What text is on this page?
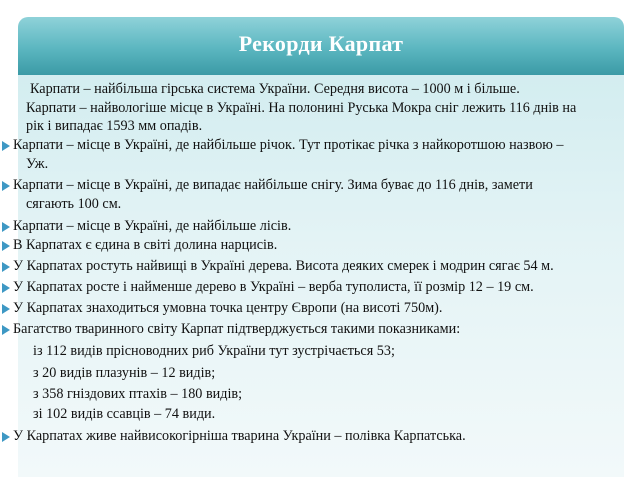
Рекорди Карпат
Карпати – найбільша гірська система України. Середня висота – 1000 м і більше.
Карпати – найвологіше місце в Україні. На полонині Руська Мокра сніг лежить 116 днів на
рік і випадає 1593 мм опадів.
Карпати – місце в Україні, де найбільше річок. Тут протікає річка з найкоротшою назвою –
Уж.
Карпати – місце в Україні, де випадає найбільше снігу. Зима буває до 116 днів, замети
сягають 100 см.
Карпати – місце в Україні, де найбільше лісів.
В Карпатах є єдина в світі долина нарцисів.
У Карпатах ростуть найвищі в Україні дерева. Висота деяких смерек і модрин сягає 54 м.
У Карпатах росте і найменше дерево в Україні – верба туполиста, її розмір 12 – 19 см.
У Карпатах знаходиться умовна точка центру Європи (на висоті 750м).
Багатство тваринного світу Карпат підтверджується такими показниками:
із 112 видів прісноводних риб України тут зустрічається 53;
з 20 видів плазунів – 12 видів;
з 358 гніздових птахів – 180 видів;
зі 102 видів ссавців – 74 види.
У Карпатах живе найвисокогірніша тварина України – полівка Карпатська.
